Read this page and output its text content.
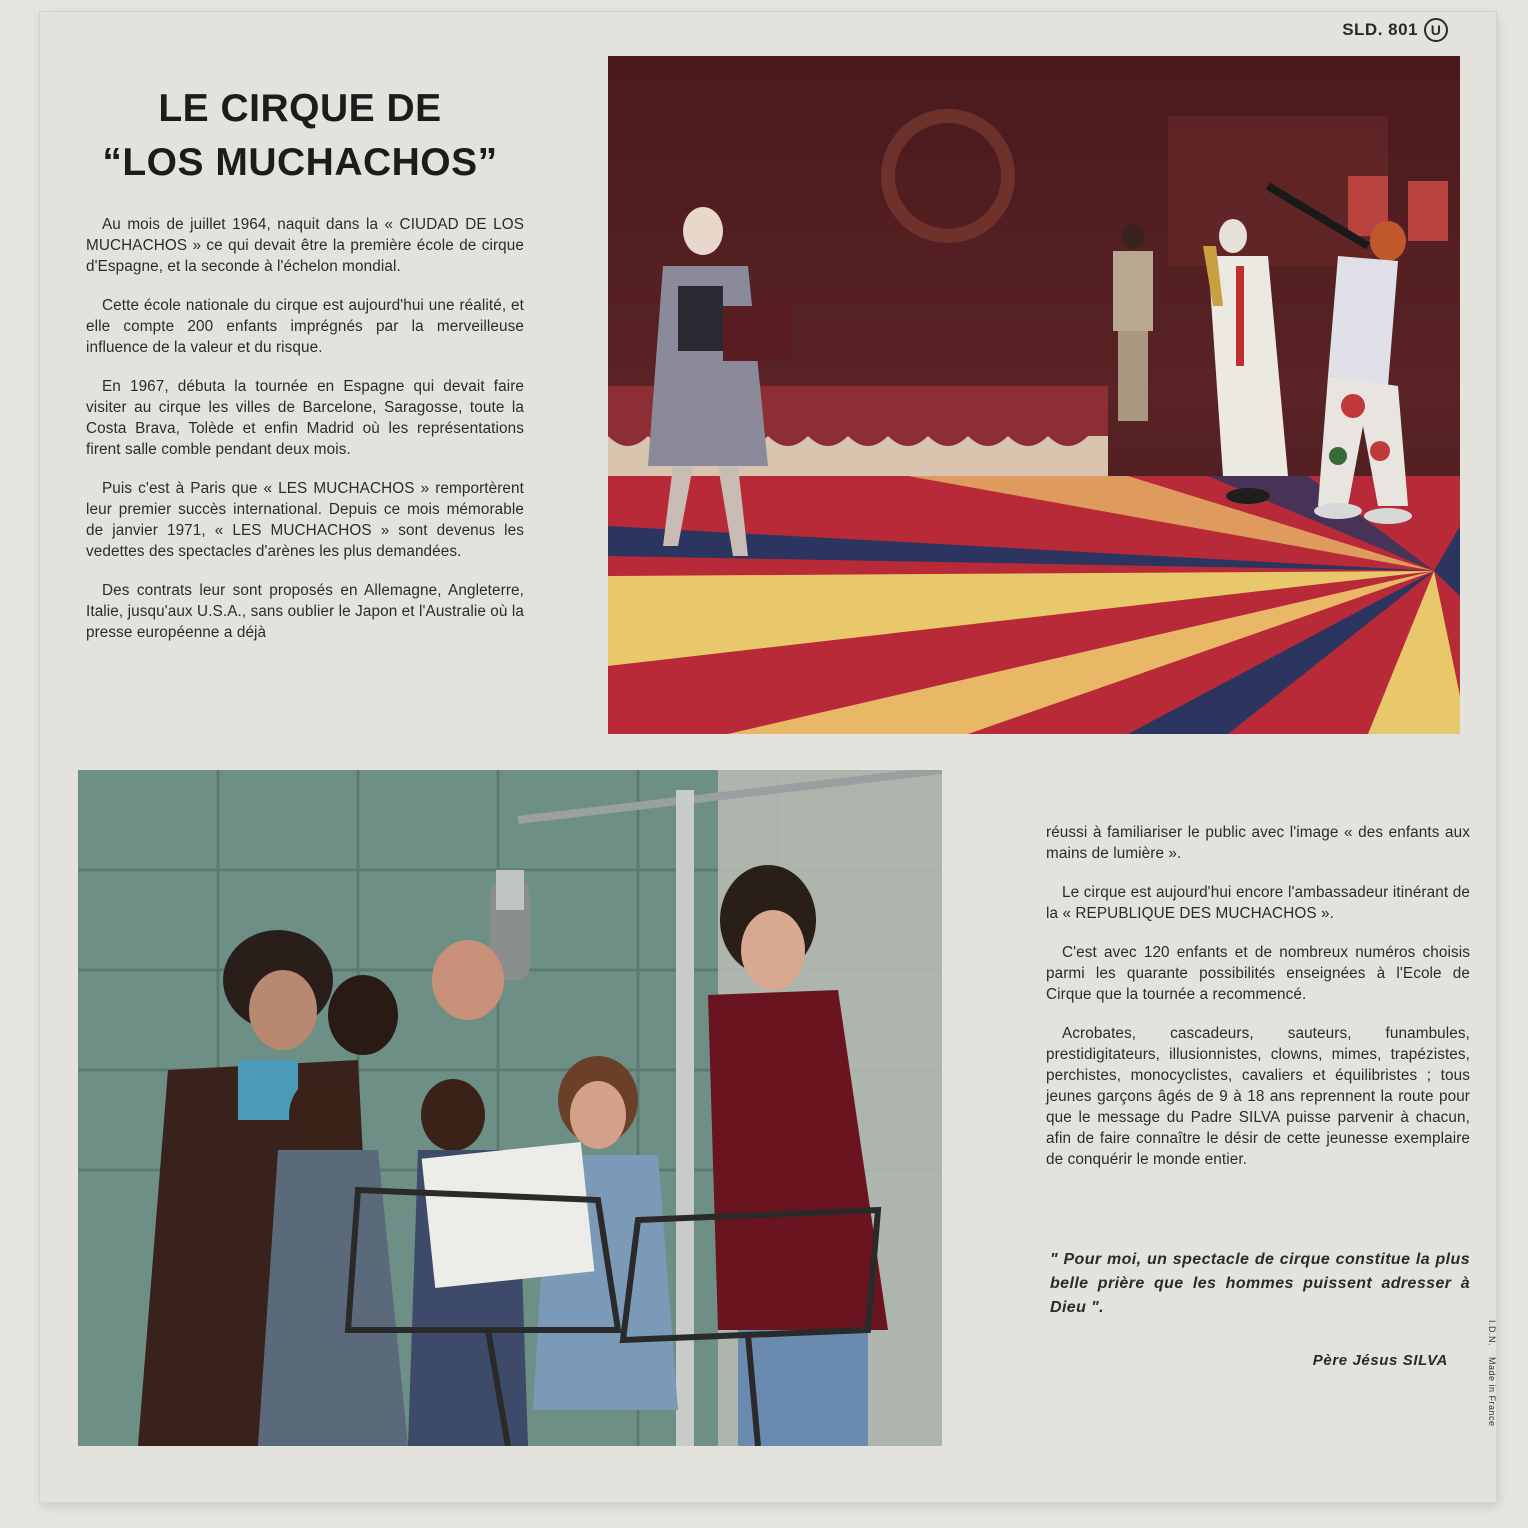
SLD. 801 U
LE CIRQUE DE
“LOS MUCHACHOS”

Au mois de juillet 1964, naquit dans la « CIUDAD DE LOS MUCHACHOS » ce qui devait être la première école de cirque d'Espagne, et la seconde à l'échelon mondial.

Cette école nationale du cirque est aujourd'hui une réalité, et elle compte 200 enfants imprégnés par la merveilleuse influence de la valeur et du risque.

En 1967, débuta la tournée en Espagne qui devait faire visiter au cirque les villes de Barcelone, Saragosse, toute la Costa Brava, Tolède et enfin Madrid où les représentations firent salle comble pendant deux mois.

Puis c'est à Paris que « LES MUCHACHOS » remportèrent leur premier succès international. Depuis ce mois mémorable de janvier 1971, « LES MUCHACHOS » sont devenus les vedettes des spectacles d'arènes les plus demandées.

Des contrats leur sont proposés en Allemagne, Angleterre, Italie, jusqu'aux U.S.A., sans oublier le Japon et l'Australie où la presse européenne a déjà

réussi à familiariser le public avec l'image « des enfants aux mains de lumière ».

Le cirque est aujourd'hui encore l'ambassadeur itinérant de la « REPUBLIQUE DES MUCHACHOS ».

C'est avec 120 enfants et de nombreux numéros choisis parmi les quarante possibilités enseignées à l'Ecole de Cirque que la tournée a recommencé.

Acrobates, cascadeurs, sauteurs, funambules, prestidigitateurs, illusionnistes, clowns, mimes, trapézistes, perchistes, monocyclistes, cavaliers et équilibristes ; tous jeunes garçons âgés de 9 à 18 ans reprennent la route pour que le message du Padre SILVA puisse parvenir à chacun, afin de faire connaître le désir de cette jeunesse exemplaire de conquérir le monde entier.

" Pour moi, un spectacle de cirque constitue la plus belle prière que les hommes puissent adresser à Dieu ".
Père Jésus SILVA
I.D.N. Made in France
